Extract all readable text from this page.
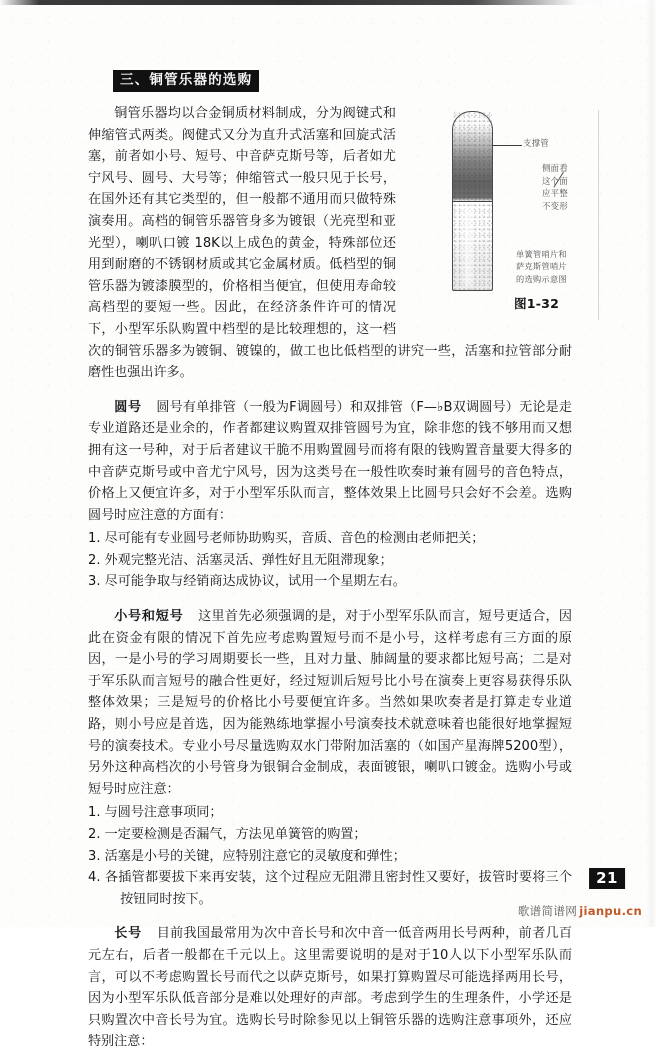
三、铜管乐器的选购
支撑管
侧面看
这个面
应平整
不变形
单簧管哨片和
萨克斯管哨片
的选购示意图
图1-32

铜管乐器均以合金铜质材料制成，分为阀键式和伸缩管式两类。阀健式又分为直升式活塞和回旋式活塞，前者如小号、短号、中音萨克斯号等，后者如尤宁风号、圆号、大号等；伸缩管式一般只见于长号，在国外还有其它类型的，但一般都不通用而只做特殊演奏用。高档的铜管乐器管身多为镀银（光亮型和亚光型），喇叭口镀 18K以上成色的黄金，特殊部位还用到耐磨的不锈钢材质或其它金属材质。低档型的铜管乐器为镀漆膜型的，价格相当便宜，但使用寿命较高档型的要短一些。因此，在经济条件许可的情况下，小型军乐队购置中档型的是比较理想的，这一档次的铜管乐器多为镀铜、镀镍的，做工也比低档型的讲究一些，活塞和拉管部分耐磨性也强出许多。

圆号 圆号有单排管（一般为F调圆号）和双排管（F—♭B双调圆号）无论是走专业道路还是业余的，作者都建议购置双排管圆号为宜，除非您的钱不够用而又想拥有这一号种，对于后者建议干脆不用购置圆号而将有限的钱购置音量要大得多的中音萨克斯号或中音尤宁风号，因为这类号在一般性吹奏时兼有圆号的音色特点，价格上又便宜许多，对于小型军乐队而言，整体效果上比圆号只会好不会差。选购圆号时应注意的方面有：

1. 尽可能有专业圆号老师协助购买，音质、音色的检测由老师把关；
2. 外观完整光洁、活塞灵活、弹性好且无阻滞现象；
3. 尽可能争取与经销商达成协议，试用一个星期左右。

小号和短号 这里首先必须强调的是，对于小型军乐队而言，短号更适合，因此在资金有限的情况下首先应考虑购置短号而不是小号，这样考虑有三方面的原因，一是小号的学习周期要长一些，且对力量、肺阔量的要求都比短号高；二是对于军乐队而言短号的融合性更好，经过短训后短号比小号在演奏上更容易获得乐队整体效果；三是短号的价格比小号要便宜许多。当然如果吹奏者是打算走专业道路，则小号应是首选，因为能熟练地掌握小号演奏技术就意味着也能很好地掌握短号的演奏技术。专业小号尽量选购双水门带附加活塞的（如国产星海牌5200型），另外这种高档次的小号管身为银铜合金制成，表面镀银，喇叭口镀金。选购小号或短号时应注意：

1. 与圆号注意事项同；
2. 一定要检测是否漏气，方法见单簧管的购置；
3. 活塞是小号的关键，应特别注意它的灵敏度和弹性；
4. 各插管都要拔下来再安装，这个过程应无阻滞且密封性又要好，拔管时要将三个按钮同时按下。

长号 目前我国最常用为次中音长号和次中音一低音两用长号两种，前者几百元左右，后者一般都在千元以上。这里需要说明的是对于10人以下小型军乐队而言，可以不考虑购置长号而代之以萨克斯号，如果打算购置尽可能选择两用长号，因为小型军乐队低音部分是难以处理好的声部。考虑到学生的生理条件，小学还是只购置次中音长号为宜。选购长号时除参见以上铜管乐器的选购注意事项外，还应特别注意：

21
歌谱简谱网 jianpu.cn
